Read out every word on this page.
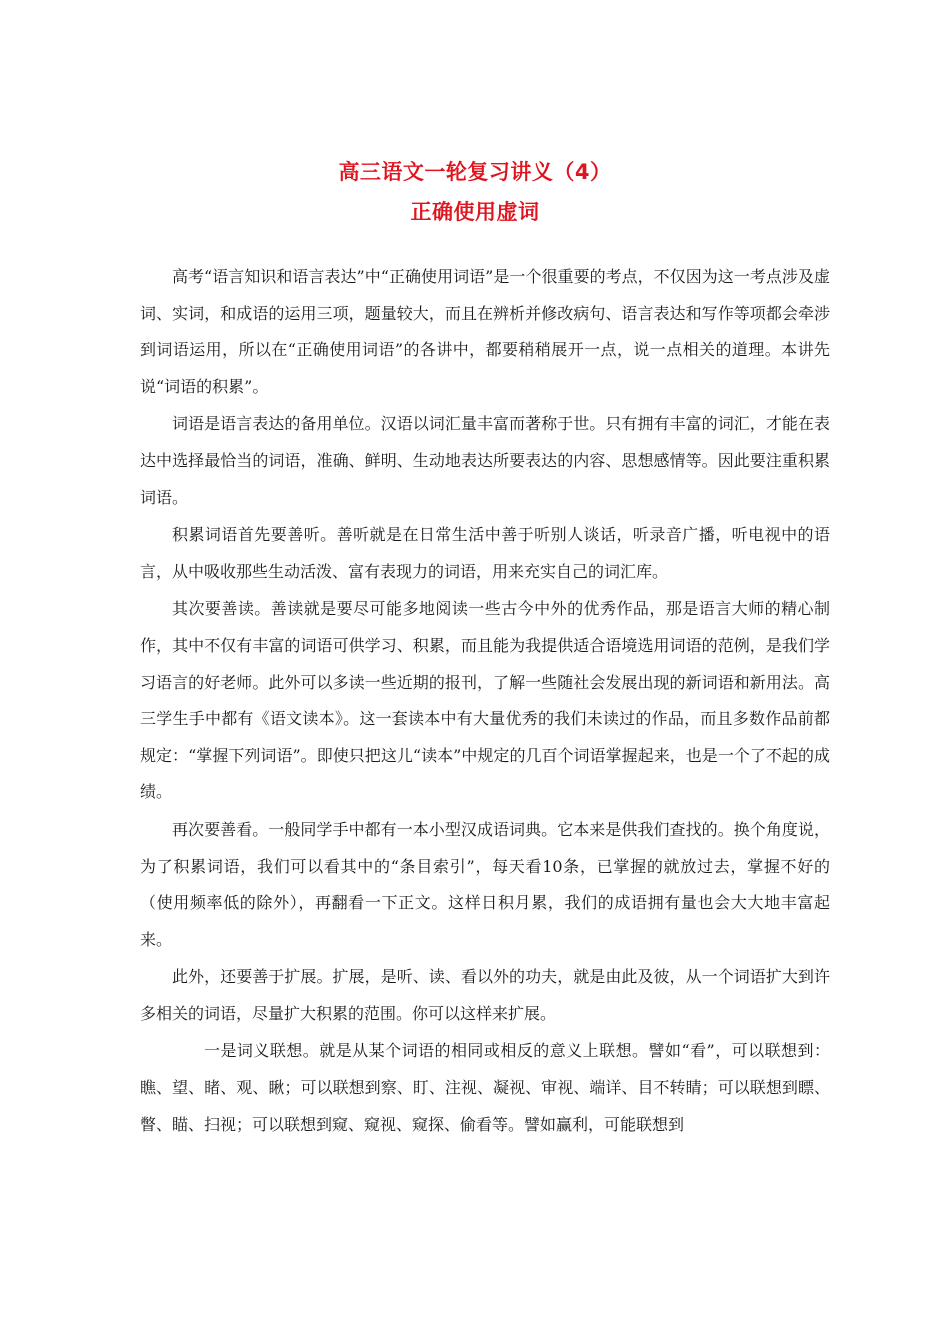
高三语文一轮复习讲义（4）
正确使用虚词

高考“语言知识和语言表达”中“正确使用词语”是一个很重要的考点，不仅因为这一考点涉及虚词、实词，和成语的运用三项，题量较大，而且在辨析并修改病句、语言表达和写作等项都会牵涉到词语运用，所以在“正确使用词语”的各讲中，都要稍稍展开一点，说一点相关的道理。本讲先说“词语的积累”。

词语是语言表达的备用单位。汉语以词汇量丰富而著称于世。只有拥有丰富的词汇，才能在表达中选择最恰当的词语，准确、鲜明、生动地表达所要表达的内容、思想感情等。因此要注重积累词语。

积累词语首先要善听。善听就是在日常生活中善于听别人谈话，听录音广播，听电视中的语言，从中吸收那些生动活泼、富有表现力的词语，用来充实自己的词汇库。

其次要善读。善读就是要尽可能多地阅读一些古今中外的优秀作品，那是语言大师的精心制作，其中不仅有丰富的词语可供学习、积累，而且能为我提供适合语境选用词语的范例，是我们学习语言的好老师。此外可以多读一些近期的报刊，了解一些随社会发展出现的新词语和新用法。高三学生手中都有《语文读本》。这一套读本中有大量优秀的我们未读过的作品，而且多数作品前都规定：“掌握下列词语”。即使只把这儿“读本”中规定的几百个词语掌握起来，也是一个了不起的成绩。

再次要善看。一般同学手中都有一本小型汉成语词典。它本来是供我们查找的。换个角度说，为了积累词语，我们可以看其中的“条目索引”，每天看10条，已掌握的就放过去，掌握不好的（使用频率低的除外），再翻看一下正文。这样日积月累，我们的成语拥有量也会大大地丰富起来。

此外，还要善于扩展。扩展，是听、读、看以外的功夫，就是由此及彼，从一个词语扩大到许多相关的词语，尽量扩大积累的范围。你可以这样来扩展。

一是词义联想。就是从某个词语的相同或相反的意义上联想。譬如“看”，可以联想到：瞧、望、睹、观、瞅；可以联想到察、盯、注视、凝视、审视、端详、目不转睛；可以联想到瞟、瞥、瞄、扫视；可以联想到窥、窥视、窥探、偷看等。譬如赢利，可能联想到
